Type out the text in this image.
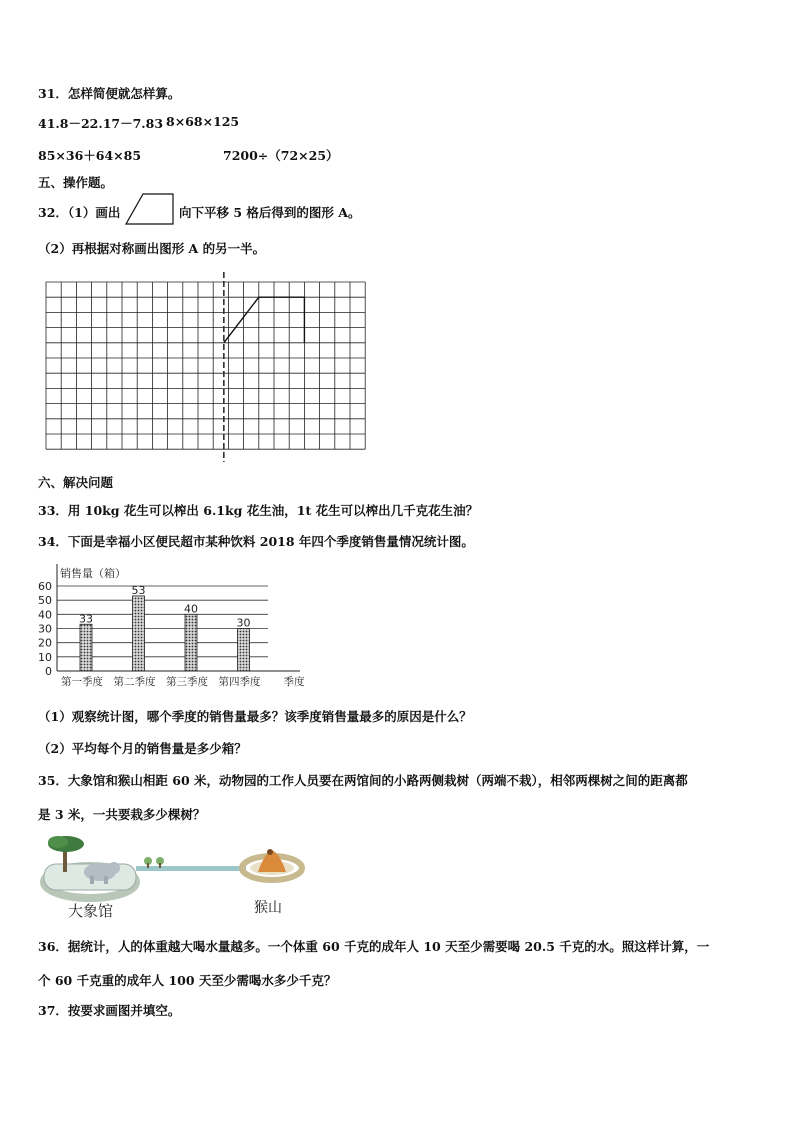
31．怎样简便就怎样算。
41.8－22.17－7.83 8×68×125
85×36＋64×85	7200÷（72×25）
五、操作题。
32．（1）画出	向下平移 5 格后得到的图形 A。
（2）再根据对称画出图形 A 的另一半。
六、解决问题
33．用 10kg 花生可以榨出 6.1kg 花生油，1t 花生可以榨出几千克花生油？
34．下面是幸福小区便民超市某种饮料 2018 年四个季度销售量情况统计图。
0
10
20
30
40
50
60
销售量（箱）
33
第一季度
53
第二季度
40
第三季度
30
第四季度 季度
（1）观察统计图，哪个季度的销售量最多？该季度销售量最多的原因是什么？
（2）平均每个月的销售量是多少箱？
35．大象馆和猴山相距 60 米，动物园的工作人员要在两馆间的小路两侧栽树（两端不栽），相邻两棵树之间的距离都
是 3 米，一共要栽多少棵树？
大象馆	猴山
36．据统计，人的体重越大喝水量越多。一个体重 60 千克的成年人 10 天至少需要喝 20.5 千克的水。照这样计算，一
个 60 千克重的成年人 100 天至少需喝水多少千克？
37．按要求画图并填空。
